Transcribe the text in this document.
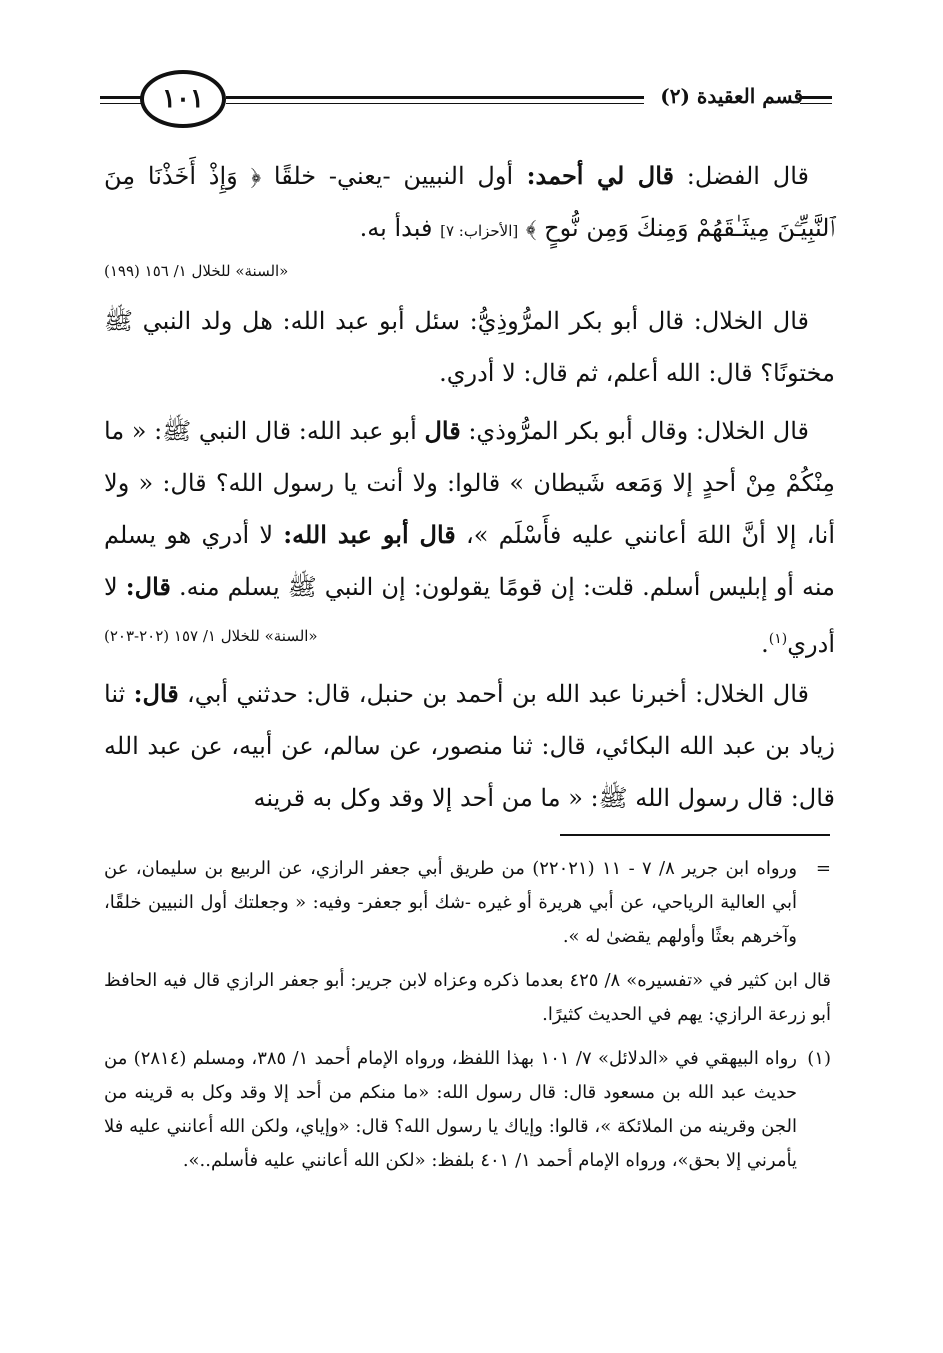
١٠١	قسم العقيدة (٢)

قال الفضل: قال لي أحمد: أول النبيين -يعني- خلقًا ﴿ وَإِذْ أَخَذْنَا مِنَ ٱلنَّبِيِّـۧنَ مِيثَـٰقَهُمْ وَمِنكَ وَمِن نُّوحٍ ﴾ [الأحزاب: ٧] فبدأ به.

«السنة» للخلال ١/ ١٥٦ (١٩٩)

قال الخلال: قال أبو بكر المرُّوذِيُّ: سئل أبو عبد الله: هل ولد النبي ﷺ مختونًا؟ قال: الله أعلم، ثم قال: لا أدري.

قال الخلال: وقال أبو بكر المرُّوذي: قال أبو عبد الله: قال النبي ﷺ: « ما مِنْكُمْ مِنْ أحدٍ إلا وَمَعه شَيطان » قالوا: ولا أنت يا رسول الله؟ قال: « ولا أنا، إلا أنَّ اللهَ أعانني عليه فأَسْلَم »، قال أبو عبد الله: لا أدري هو يسلم منه أو إبليس أسلم. قلت: إن قومًا يقولون: إن النبي ﷺ يسلم منه. قال: لا أدري$^{(١)}$.

«السنة» للخلال ١/ ١٥٧ (٢٠٢-٢٠٣)

قال الخلال: أخبرنا عبد الله بن أحمد بن حنبل، قال: حدثني أبي، قال: ثنا زياد بن عبد الله البكائي، قال: ثنا منصور، عن سالم، عن أبيه، عن عبد الله قال: قال رسول الله ﷺ: « ما من أحد إلا وقد وكل به قرينه

=
ورواه ابن جرير ٨/ ٧ - ١١ (٢٢٠٢١) من طريق أبي جعفر الرازي، عن الربيع بن سليمان، عن أبي العالية الرياحي، عن أبي هريرة أو غيره -شك أبو جعفر- وفيه: « وجعلتك أول النبيين خلقًا، وآخرهم بعثًا وأولهم يقضىٰ له ».

قال ابن كثير في «تفسيره» ٨/ ٤٢٥ بعدما ذكره وعزاه لابن جرير: أبو جعفر الرازي قال فيه الحافظ أبو زرعة الرازي: يهم في الحديث كثيرًا.

(١)
رواه البيهقي في «الدلائل» ٧/ ١٠١ بهذا اللفظ، ورواه الإمام أحمد ١/ ٣٨٥، ومسلم (٢٨١٤) من حديث عبد الله بن مسعود قال: قال رسول الله: «ما منكم من أحد إلا وقد وكل به قرينه من الجن وقرينه من الملائكة »، قالوا: وإياك يا رسول الله؟ قال: «وإياي، ولكن الله أعانني عليه فلا يأمرني إلا بحق»، ورواه الإمام أحمد ١/ ٤٠١ بلفظ: «لكن الله أعانني عليه فأسلم..».
